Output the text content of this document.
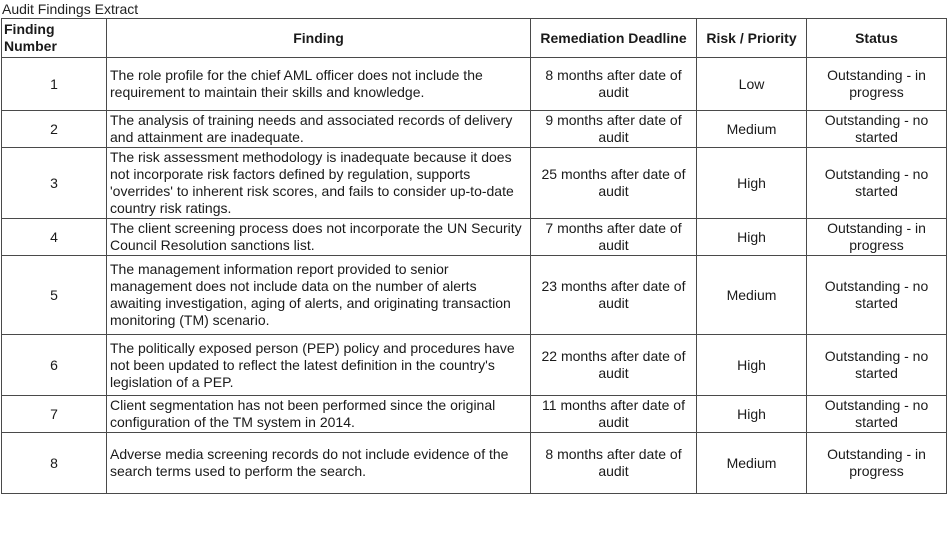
Audit Findings Extract
Finding Number	Finding	Remediation Deadline	Risk / Priority	Status
1	The role profile for the chief AML officer does not include the requirement to maintain their skills and knowledge.	8 months after date of audit	Low	Outstanding - in progress
2	The analysis of training needs and associated records of delivery and attainment are inadequate.	9 months after date of audit	Medium	Outstanding - no started
3	The risk assessment methodology is inadequate because it does not incorporate risk factors defined by regulation, supports 'overrides' to inherent risk scores, and fails to consider up-to-date country risk ratings.	25 months after date of audit	High	Outstanding - no started
4	The client screening process does not incorporate the UN Security Council Resolution sanctions list.	7 months after date of audit	High	Outstanding - in progress
5	The management information report provided to senior management does not include data on the number of alerts awaiting investigation, aging of alerts, and originating transaction monitoring (TM) scenario.	23 months after date of audit	Medium	Outstanding - no started
6	The politically exposed person (PEP) policy and procedures have not been updated to reflect the latest definition in the country's legislation of a PEP.	22 months after date of audit	High	Outstanding - no started
7	Client segmentation has not been performed since the original configuration of the TM system in 2014.	11 months after date of audit	High	Outstanding - no started
8	Adverse media screening records do not include evidence of the search terms used to perform the search.	8 months after date of audit	Medium	Outstanding - in progress
